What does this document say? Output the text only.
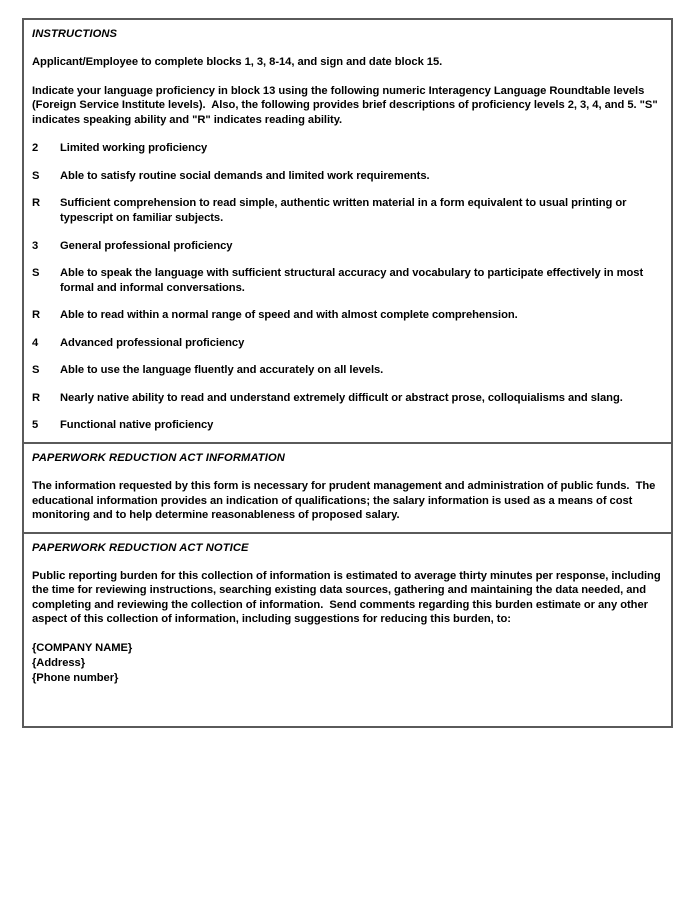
INSTRUCTIONS
Applicant/Employee to complete blocks 1, 3, 8-14, and sign and date block 15.
Indicate your language proficiency in block 13 using the following numeric Interagency Language Roundtable levels (Foreign Service Institute levels).  Also, the following provides brief descriptions of proficiency levels 2, 3, 4, and 5. "S" indicates speaking ability and "R" indicates reading ability.
2	Limited working proficiency
S	Able to satisfy routine social demands and limited work requirements.
R	Sufficient comprehension to read simple, authentic written material in a form equivalent to usual printing or typescript on familiar subjects.
3	General professional proficiency
S	Able to speak the language with sufficient structural accuracy and vocabulary to participate effectively in most formal and informal conversations.
R	Able to read within a normal range of speed and with almost complete comprehension.
4	Advanced professional proficiency
S	Able to use the language fluently and accurately on all levels.
R	Nearly native ability to read and understand extremely difficult or abstract prose, colloquialisms and slang.
5	Functional native proficiency
PAPERWORK REDUCTION ACT INFORMATION
The information requested by this form is necessary for prudent management and administration of public funds.  The educational information provides an indication of qualifications; the salary information is used as a means of cost monitoring and to help determine reasonableness of proposed salary.
PAPERWORK REDUCTION ACT NOTICE
Public reporting burden for this collection of information is estimated to average thirty minutes per response, including the time for reviewing instructions, searching existing data sources, gathering and maintaining the data needed, and completing and reviewing the collection of information.  Send comments regarding this burden estimate or any other aspect of this collection of information, including suggestions for reducing this burden, to:
{COMPANY NAME}
{Address}
{Phone number}
